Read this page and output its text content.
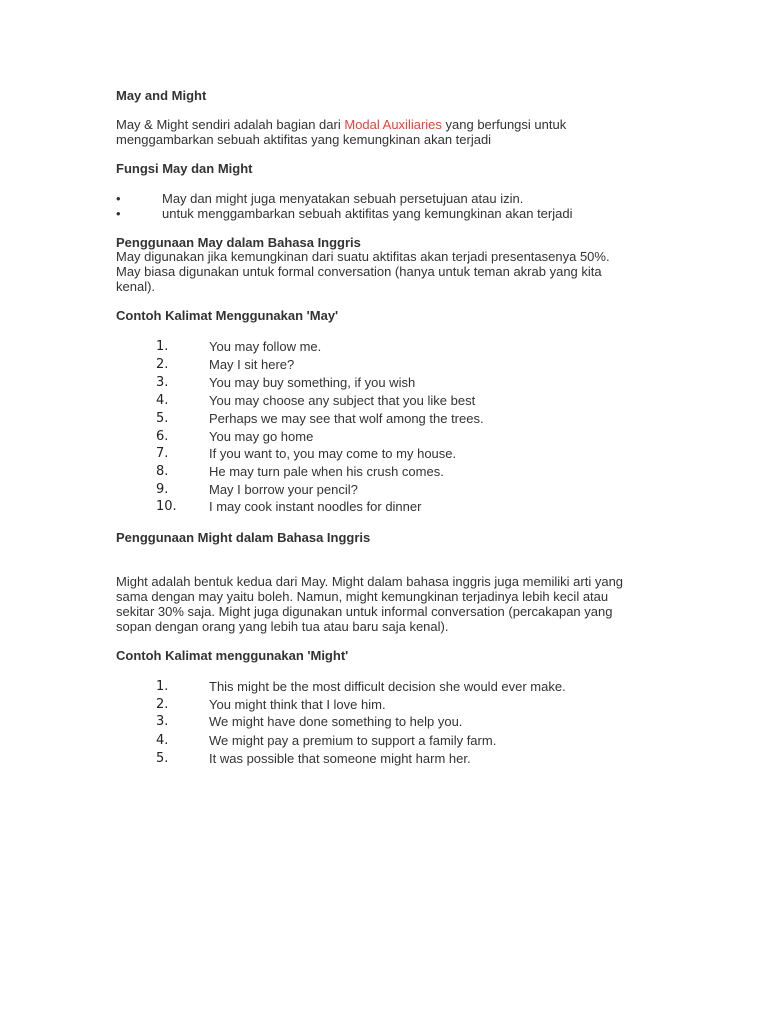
May and Might
May & Might sendiri adalah bagian dari Modal Auxiliaries yang berfungsi untuk
menggambarkan sebuah aktifitas yang kemungkinan akan terjadi
Fungsi May dan Might
•	May dan might juga menyatakan sebuah persetujuan atau izin.
•	untuk menggambarkan sebuah aktifitas yang kemungkinan akan terjadi
Penggunaan May dalam Bahasa Inggris
May digunakan jika kemungkinan dari suatu aktifitas akan terjadi presentasenya 50%.
May biasa digunakan untuk formal conversation (hanya untuk teman akrab yang kita
kenal).
Contoh Kalimat Menggunakan 'May'
1.	You may follow me.
2.	May I sit here?
3.	You may buy something, if you wish
4.	You may choose any subject that you like best
5.	Perhaps we may see that wolf among the trees.
6.	You may go home
7.	If you want to, you may come to my house.
8.	He may turn pale when his crush comes.
9.	May I borrow your pencil?
10. I may cook instant noodles for dinner
Penggunaan Might dalam Bahasa Inggris
Might adalah bentuk kedua dari May. Might dalam bahasa inggris juga memiliki arti yang
sama dengan may yaitu boleh. Namun, might kemungkinan terjadinya lebih kecil atau
sekitar 30% saja. Might juga digunakan untuk informal conversation (percakapan yang
sopan dengan orang yang lebih tua atau baru saja kenal).
Contoh Kalimat menggunakan 'Might'
1.	This might be the most difficult decision she would ever make.
2.	You might think that I love him.
3.	We might have done something to help you.
4.	We might pay a premium to support a family farm.
5.	It was possible that someone might harm her.
